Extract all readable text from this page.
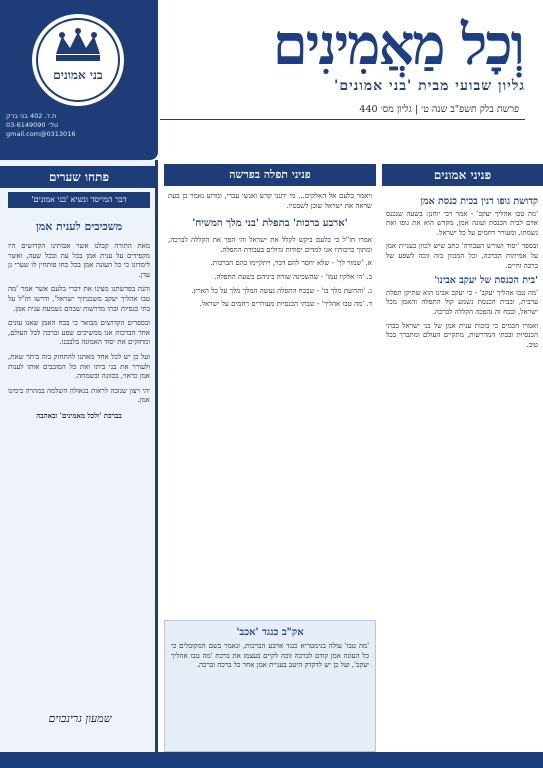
בני אמונים
ת.ד. 402 בני ברק
טל׳ 03-6149090
0313016@gmail.com
וְכָל מַאֲמִינִים
גליון שבועי מבית 'בני אמונים'
פרשת בלק תשפ"ב שנה ט׳ | גליון מס׳ 440
פתחו שערים
דבר המייסד ונשיא 'בני אמונים'
משכיבים לענית אמן

מאת התורה קבלנו אשר אבותינו הקדושים היו מקפידים על ענית אמן בכל עת ובכל שעה, ואשר לימדונו כי כל העונה אמן בכל כחו פותחין לו שערי גן עדן.

והנה בפרשתנו מצינו את דברי בלעם אשר אמר 'מה טבו אהליך יעקב משכנתיך ישראל', ודרשו חז"ל על בתי כנסיות ובתי מדרשות שבהם נשמעת ענית אמן.

ובספרים הקדושים מבואר כי בכח האמן שאנו עונים אחר הברכות אנו ממשיכים שפע וברכה לכל העולם, ומחזקים את יסוד האמונה בלבבנו.

ועל כן יש לכל אחד מאתנו להתחזק בזה ביתר שאת, ולעורר את בני ביתו ואת כל הסובבים אותו לענות אמן כראוי, בכוונה ובשמחה.

יהי רצון שנזכה לראות בגאולה השלמה במהרה בימינו אמן.

בברכת 'ולכל מאמינים' ובאהבה

שמעון גרינבוים
פניני תפלה בפרשה

ויאמר בלעם אל האלקים... מי יתנני קדש ואנשי עברי, ומדוע נאמר כן בעת שראה את ישראל שוכן לשבטיו.

'ארבע ברכות' בתפלת 'בני מלך המשיח'

אמרו חז"ל כי בלעם ביקש לקלל את ישראל וה׳ הפך את הקללה לברכה, ומתוך ברכותיו אנו למדים יסודות גדולים בעבודת התפלה.

א. 'שמור לך' - שלא יחסר להם דבר, ויתקיימו בהם הברכות.

ב. 'ה׳ אלקיו עמו' - שהשכינה שורה ביניהם בשעת התפלה.

ג. 'ותרועת מלך בו' - שבכח התפלה נעשה המלך מלך על כל הארץ.

ד. 'מה טבו אהליך' - שבתי הכנסיות מעוררים רחמים על ישראל.

אק"ב כנגד 'אכב'
'מה טבו' עולה בגימטריא כנגד ארבע הברכות, ונאמר בשם המקובלים כי כל העונה אמן קודם לברכה זוכה לקיים בעצמו את ברכת 'מה טבו אהליך יעקב', ועל כן יש לדקדק היטב בעניית אמן אחר כל ברכה וברכה.
פניני אמונים
קדושת גופו דנין בכית כנסת אמן

'מה טבו אהליך יעקב' - אמר רבי יוחנן: בשעה שנכנס אדם לבית הכנסת ועונה אמן, מקדש הוא את גופו ואת נשמתו, ומעורר רחמים על כל ישראל.

ובספר 'יסוד ושורש העבודה' כתב שיש לכוון בעניית אמן על אמיתות הברכה, וכל המכוון בזה זוכה לשפע של ברכה וחיים.

'בית הכנסת של יעקב אבינו'

'מה טבו אהליך יעקב' - כי יעקב אבינו הוא שתיקן תפלת ערבית, ובבית הכנסת נשמע קול התפלה והאמן מכל ישראל, ובכח זה נהפכה הקללה לברכה.

ואמרו חכמים כי בזכות ענית אמן של בני ישראל בבתי הכנסיות ובבתי המדרשות, מתקיים העולם ומתברך בכל טוב.
